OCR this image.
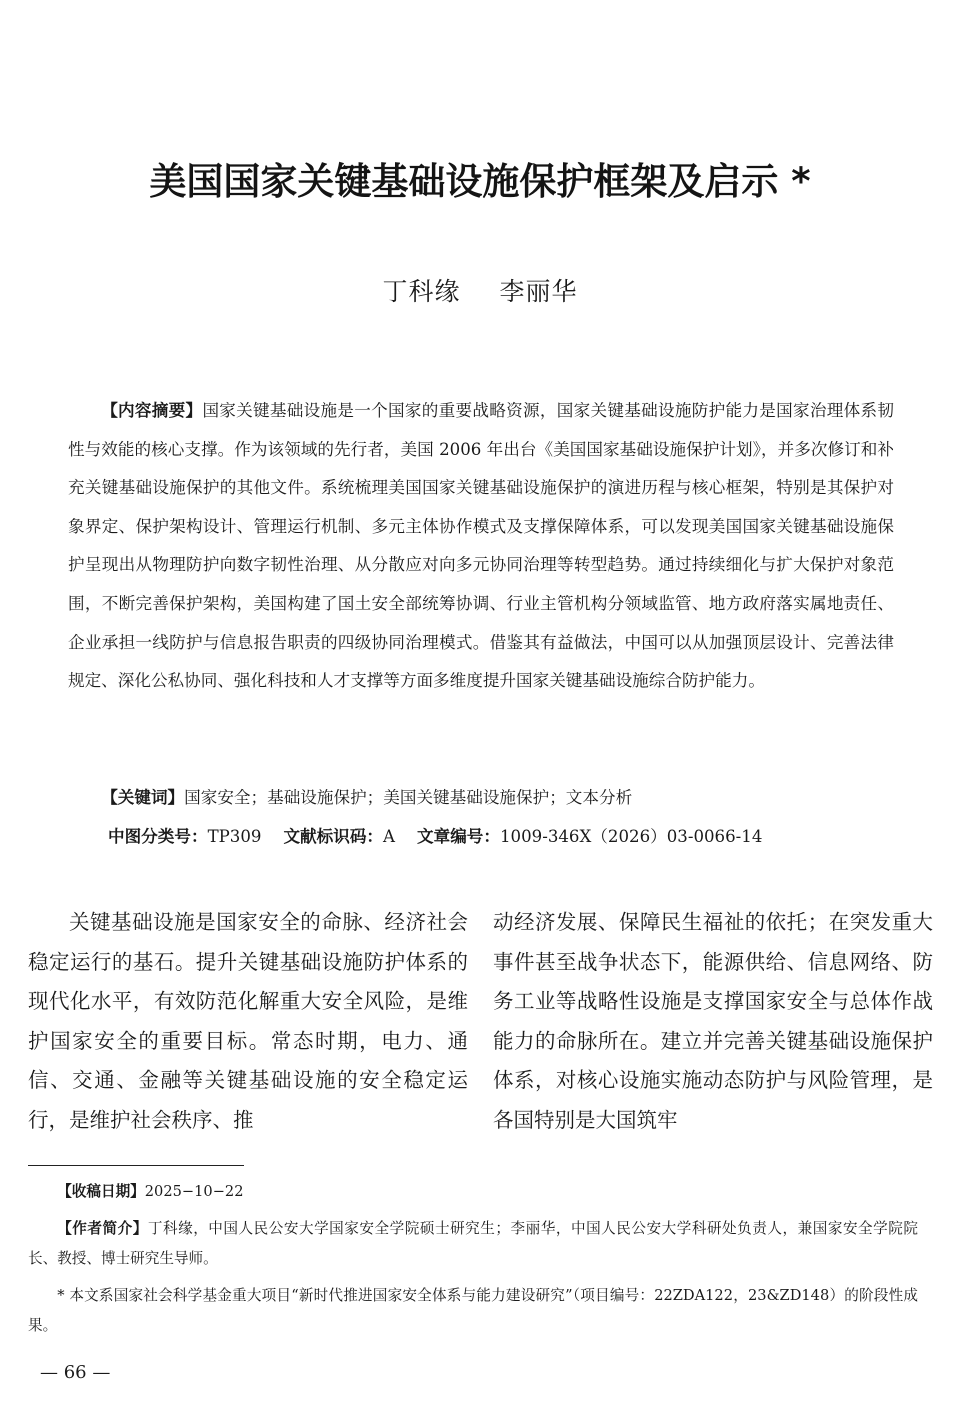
美国国家关键基础设施保护框架及启示 *
丁科缘 李丽华

【内容摘要】国家关键基础设施是一个国家的重要战略资源，国家关键基础设施防护能力是国家治理体系韧性与效能的核心支撑。作为该领域的先行者，美国 2006 年出台《美国国家基础设施保护计划》，并多次修订和补充关键基础设施保护的其他文件。系统梳理美国国家关键基础设施保护的演进历程与核心框架，特别是其保护对象界定、保护架构设计、管理运行机制、多元主体协作模式及支撑保障体系，可以发现美国国家关键基础设施保护呈现出从物理防护向数字韧性治理、从分散应对向多元协同治理等转型趋势。通过持续细化与扩大保护对象范围，不断完善保护架构，美国构建了国土安全部统筹协调、行业主管机构分领域监管、地方政府落实属地责任、企业承担一线防护与信息报告职责的四级协同治理模式。借鉴其有益做法，中国可以从加强顶层设计、完善法律规定、深化公私协同、强化科技和人才支撑等方面多维度提升国家关键基础设施综合防护能力。

【关键词】国家安全；基础设施保护；美国关键基础设施保护；文本分析
中图分类号：TP309 文献标识码：A 文章编号：1009-346X（2026）03-0066-14

关键基础设施是国家安全的命脉、经济社会稳定运行的基石。提升关键基础设施防护体系的现代化水平，有效防范化解重大安全风险，是维护国家安全的重要目标。常态时期，电力、通信、交通、金融等关键基础设施的安全稳定运行，是维护社会秩序、推

动经济发展、保障民生福祉的依托；在突发重大事件甚至战争状态下，能源供给、信息网络、防务工业等战略性设施是支撑国家安全与总体作战能力的命脉所在。建立并完善关键基础设施保护体系，对核心设施实施动态防护与风险管理，是各国特别是大国筑牢

【收稿日期】2025−10−22

【作者简介】丁科缘，中国人民公安大学国家安全学院硕士研究生；李丽华，中国人民公安大学科研处负责人，兼国家安全学院院长、教授、博士研究生导师。

* 本文系国家社会科学基金重大项目“新时代推进国家安全体系与能力建设研究”（项目编号：22ZDA122，23&ZD148）的阶段性成果。

— 66 —
